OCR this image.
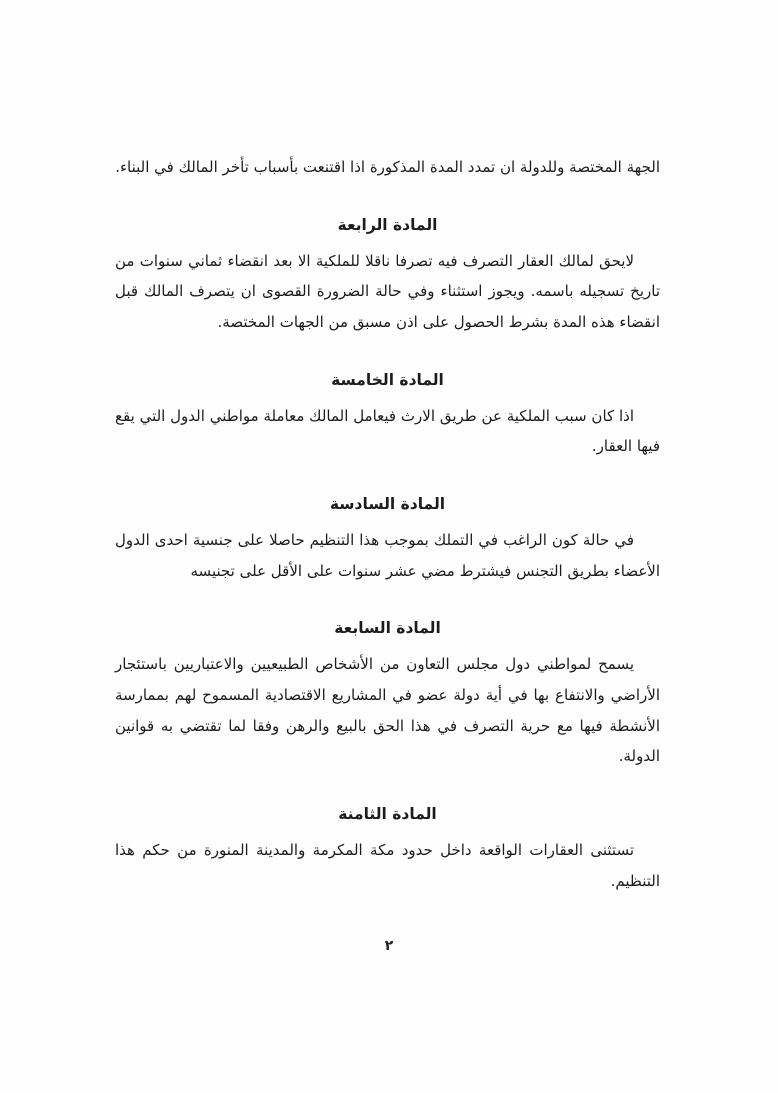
الجهة المختصة وللدولة ان تمدد المدة المذكورة اذا اقتنعت بأسباب تأخر المالك في البناء.

المادة الرابعة

لايحق لمالك العقار التصرف فيه تصرفا ناقلا للملكية الا بعد انقضاء ثماني سنوات من تاريخ تسجيله باسمه. ويجوز استثناء وفي حالة الضرورة القصوى ان يتصرف المالك قبل انقضاء هذه المدة بشرط الحصول على اذن مسبق من الجهات المختصة.

المادة الخامسة

اذا كان سبب الملكية عن طريق الارث فيعامل المالك معاملة مواطني الدول التي يقع فيها العقار.

المادة السادسة

في حالة كون الراغب في التملك بموجب هذا التنظيم حاصلا على جنسية احدى الدول الأعضاء بطريق التجنس فيشترط مضي عشر سنوات على الأقل على تجنيسه

المادة السابعة

يسمح لمواطني دول مجلس التعاون من الأشخاص الطبيعيين والاعتباريين باستئجار الأراضي والانتفاع بها في أية دولة عضو في المشاريع الاقتصادية المسموح لهم بممارسة الأنشطة فيها مع حرية التصرف في هذا الحق بالبيع والرهن وفقا لما تقتضي به قوانين الدولة.

المادة الثامنة

تستثنى العقارات الواقعة داخل حدود مكة المكرمة والمدينة المنورة من حكم هذا التنظيم.

٢
